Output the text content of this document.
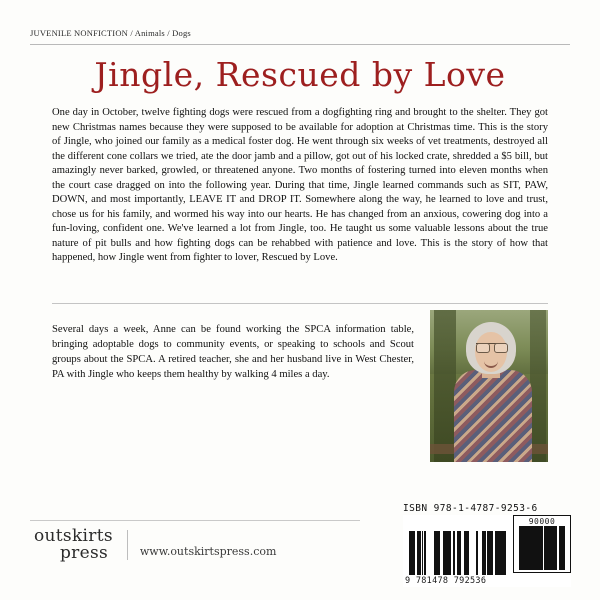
JUVENILE NONFICTION / Animals / Dogs
Jingle, Rescued by Love
One day in October, twelve fighting dogs were rescued from a dogfighting ring and brought to the shelter. They got new Christmas names because they were supposed to be available for adoption at Christmas time. This is the story of Jingle, who joined our family as a medical foster dog. He went through six weeks of vet treatments, destroyed all the different cone collars we tried, ate the door jamb and a pillow, got out of his locked crate, shredded a $5 bill, but amazingly never barked, growled, or threatened anyone. Two months of fostering turned into eleven months when the court case dragged on into the following year. During that time, Jingle learned commands such as SIT, PAW, DOWN, and most importantly, LEAVE IT and DROP IT. Somewhere along the way, he learned to love and trust, chose us for his family, and wormed his way into our hearts. He has changed from an anxious, cowering dog into a fun-loving, confident one. We've learned a lot from Jingle, too. He taught us some valuable lessons about the true nature of pit bulls and how fighting dogs can be rehabbed with patience and love. This is the story of how that happened, how Jingle went from fighter to lover, Rescued by Love.
Several days a week, Anne can be found working the SPCA information table, bringing adoptable dogs to community events, or speaking to schools and Scout groups about the SPCA. A retired teacher, she and her husband live in West Chester, PA with Jingle who keeps them healthy by walking 4 miles a day.
outskirts
press	www.outskirtspress.com
ISBN 978-1-4787-9253-6
90000
9 781478 792536
